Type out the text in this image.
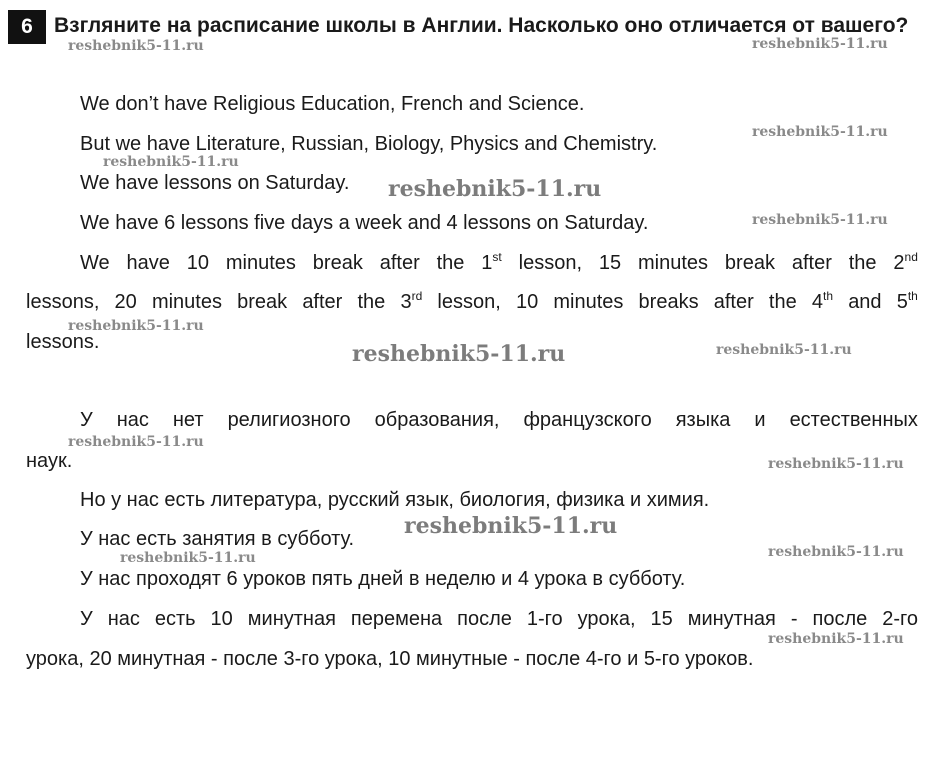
6	Взгляните на расписание школы в Англии. Насколько оно отличается от вашего?
We don’t have Religious Education, French and Science.
But we have Literature, Russian, Biology, Physics and Chemistry.
We have lessons on Saturday.
We have 6 lessons five days a week and 4 lessons on Saturday.
We have 10 minutes break after the 1st lesson, 15 minutes break after the 2nd
lessons, 20 minutes break after the 3rd lesson, 10 minutes breaks after the 4th and 5th
lessons.
У нас нет религиозного образования, французского языка и естественных
наук.
Но у нас есть литература, русский язык, биология, физика и химия.
У нас есть занятия в субботу.
У нас проходят 6 уроков пять дней в неделю и 4 урока в субботу.
У нас есть 10 минутная перемена после 1-го урока, 15 минутная - после 2-го
урока, 20 минутная - после 3-го урока, 10 минутные - после 4-го и 5-го уроков.
reshebnik5-11.ru	reshebnik5-11.ru
reshebnik5-11.ru
reshebnik5-11.ru
reshebnik5-11.ru
reshebnik5-11.ru
reshebnik5-11.ru
reshebnik5-11.ru	reshebnik5-11.ru
reshebnik5-11.ru
reshebnik5-11.ru
reshebnik5-11.ru
reshebnik5-11.ru	reshebnik5-11.ru
reshebnik5-11.ru
